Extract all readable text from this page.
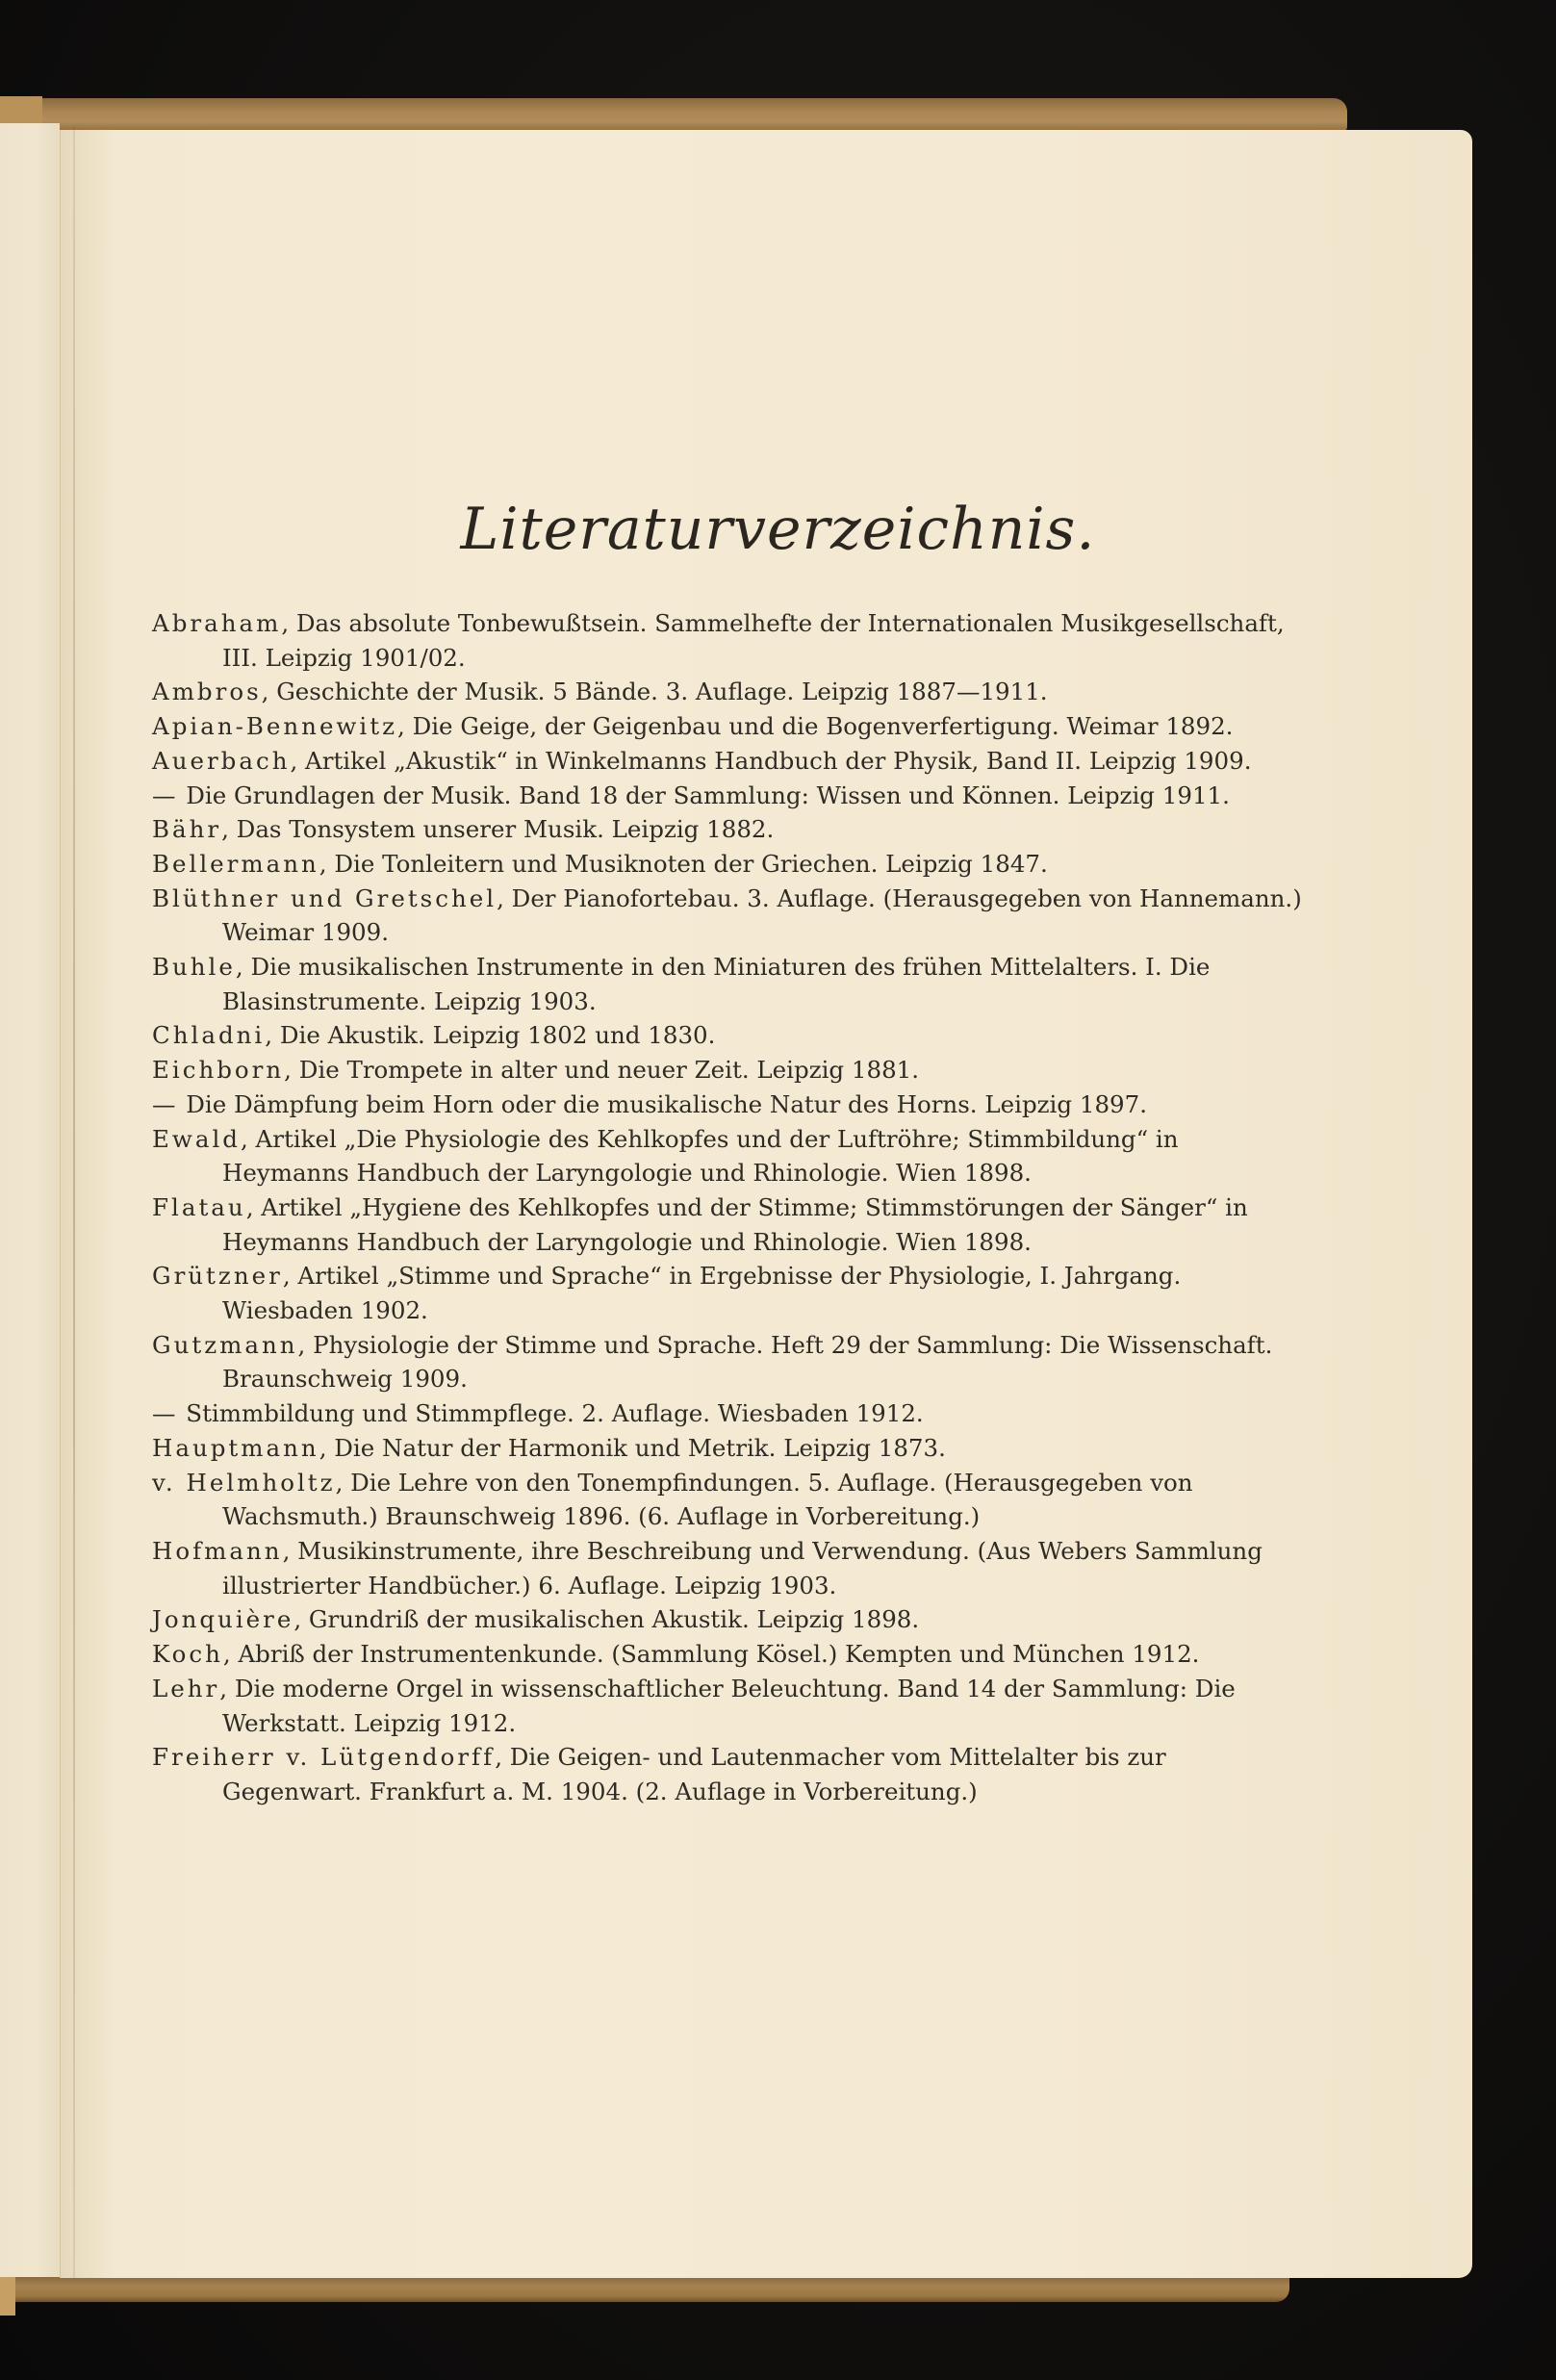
Literaturverzeichnis.

Abraham, Das absolute Tonbewußtsein. Sammelhefte der Internationalen Musikgesellschaft, III. Leipzig 1901/02.

Ambros, Geschichte der Musik. 5 Bände. 3. Auflage. Leipzig 1887—1911.

Apian-Bennewitz, Die Geige, der Geigenbau und die Bogenverfertigung. Weimar 1892.

Auerbach, Artikel „Akustik“ in Winkelmanns Handbuch der Physik, Band II. Leipzig 1909.

— Die Grundlagen der Musik. Band 18 der Sammlung: Wissen und Können. Leipzig 1911.

Bähr, Das Tonsystem unserer Musik. Leipzig 1882.

Bellermann, Die Tonleitern und Musiknoten der Griechen. Leipzig 1847.

Blüthner und Gretschel, Der Pianofortebau. 3. Auflage. (Herausgegeben von Hannemann.) Weimar 1909.

Buhle, Die musikalischen Instrumente in den Miniaturen des frühen Mittelalters. I. Die Blasinstrumente. Leipzig 1903.

Chladni, Die Akustik. Leipzig 1802 und 1830.

Eichborn, Die Trompete in alter und neuer Zeit. Leipzig 1881.

— Die Dämpfung beim Horn oder die musikalische Natur des Horns. Leipzig 1897.

Ewald, Artikel „Die Physiologie des Kehlkopfes und der Luftröhre; Stimmbildung“ in Heymanns Handbuch der Laryngologie und Rhinologie. Wien 1898.

Flatau, Artikel „Hygiene des Kehlkopfes und der Stimme; Stimmstörungen der Sänger“ in Heymanns Handbuch der Laryngologie und Rhinologie. Wien 1898.

Grützner, Artikel „Stimme und Sprache“ in Ergebnisse der Physiologie, I. Jahrgang. Wiesbaden 1902.

Gutzmann, Physiologie der Stimme und Sprache. Heft 29 der Sammlung: Die Wissenschaft. Braunschweig 1909.

— Stimmbildung und Stimmpflege. 2. Auflage. Wiesbaden 1912.

Hauptmann, Die Natur der Harmonik und Metrik. Leipzig 1873.

v. Helmholtz, Die Lehre von den Tonempfindungen. 5. Auflage. (Herausgegeben von Wachsmuth.) Braunschweig 1896. (6. Auflage in Vorbereitung.)

Hofmann, Musikinstrumente, ihre Beschreibung und Verwendung. (Aus Webers Sammlung illustrierter Handbücher.) 6. Auflage. Leipzig 1903.

Jonquière, Grundriß der musikalischen Akustik. Leipzig 1898.

Koch, Abriß der Instrumentenkunde. (Sammlung Kösel.) Kempten und München 1912.

Lehr, Die moderne Orgel in wissenschaftlicher Beleuchtung. Band 14 der Sammlung: Die Werkstatt. Leipzig 1912.

Freiherr v. Lütgendorff, Die Geigen- und Lautenmacher vom Mittelalter bis zur Gegenwart. Frankfurt a. M. 1904. (2. Auflage in Vorbereitung.)
